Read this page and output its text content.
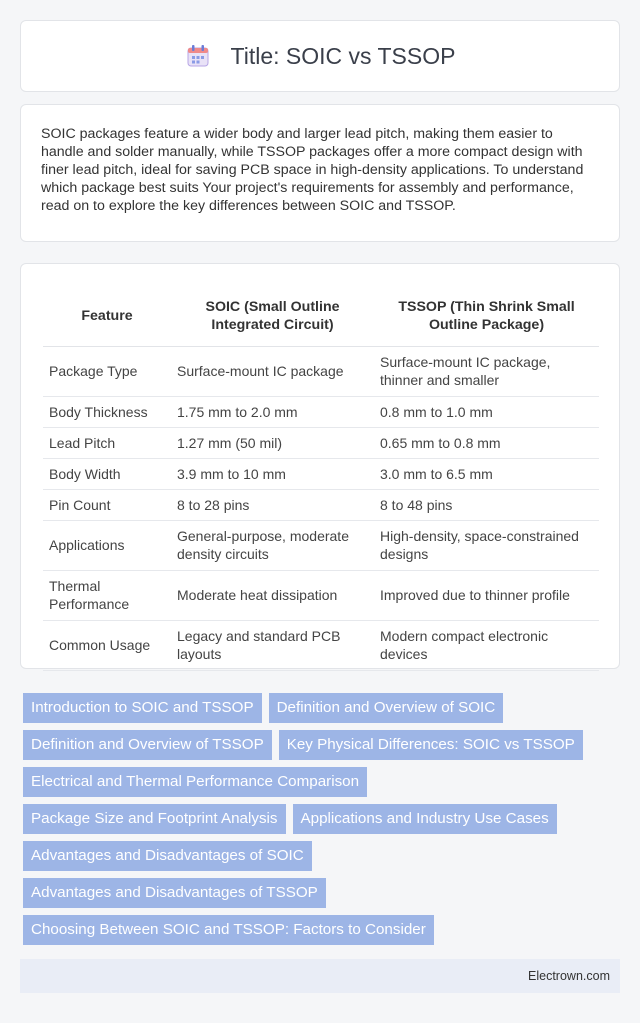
Title: SOIC vs TSSOP

SOIC packages feature a wider body and larger lead pitch, making them easier to handle and solder manually, while TSSOP packages offer a more compact design with finer lead pitch, ideal for saving PCB space in high-density applications. To understand which package best suits Your project's requirements for assembly and performance, read on to explore the key differences between SOIC and TSSOP.

Feature	SOIC (Small Outline Integrated Circuit)	TSSOP (Thin Shrink Small Outline Package)
Package Type	Surface-mount IC package	Surface-mount IC package, thinner and smaller
Body Thickness	1.75 mm to 2.0 mm	0.8 mm to 1.0 mm
Lead Pitch	1.27 mm (50 mil)	0.65 mm to 0.8 mm
Body Width	3.9 mm to 10 mm	3.0 mm to 6.5 mm
Pin Count	8 to 28 pins	8 to 48 pins
Applications	General-purpose, moderate density circuits	High-density, space-constrained designs
Thermal Performance	Moderate heat dissipation	Improved due to thinner profile
Common Usage	Legacy and standard PCB layouts	Modern compact electronic devices
Introduction to SOIC and TSSOP	Definition and Overview of SOIC
Definition and Overview of TSSOP	Key Physical Differences: SOIC vs TSSOP
Electrical and Thermal Performance Comparison
Package Size and Footprint Analysis	Applications and Industry Use Cases
Advantages and Disadvantages of SOIC
Advantages and Disadvantages of TSSOP
Choosing Between SOIC and TSSOP: Factors to Consider
Electrown.com
